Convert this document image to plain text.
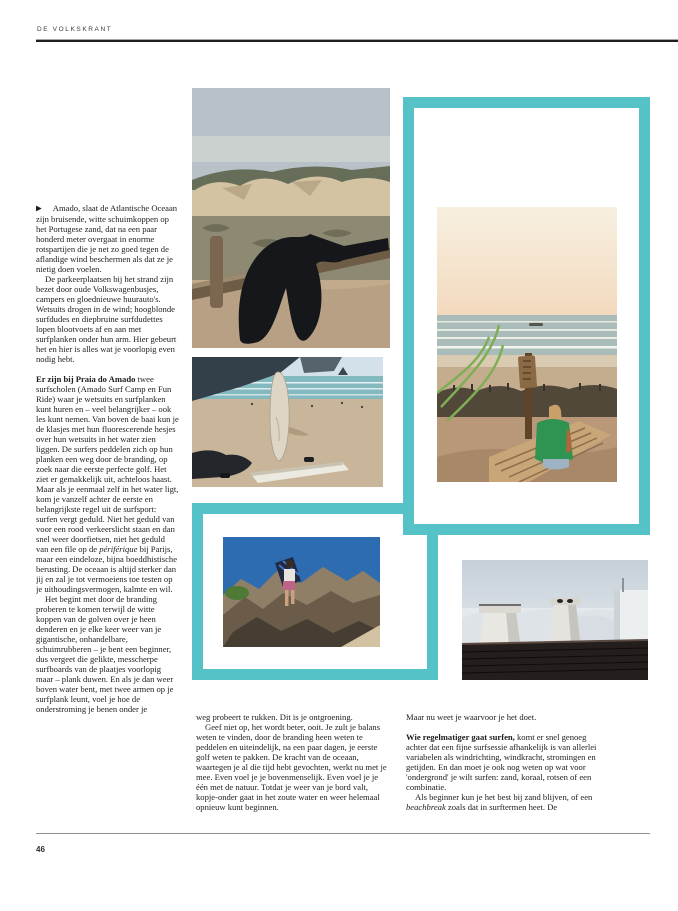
DE VOLKSKRANT

▶ Amado, slaat de Atlantische Oceaan zijn bruisende, witte schuimkoppen op het Portugese zand, dat na een paar honderd meter overgaat in enorme rotspartijen die je net zo goed tegen de aflandige wind beschermen als dat ze je nietig doen voelen.

De parkeerplaatsen bij het strand zijn bezet door oude Volkswagenbusjes, campers en gloednieuwe huurauto's. Wetsuits drogen in de wind; hoogblonde surfdudes en diepbruine surfdudettes lopen blootvoets af en aan met surfplanken onder hun arm. Hier gebeurt het en hier is alles wat je voorlopig even nodig hebt.

Er zijn bij Praia do Amado twee surfscholen (Amado Surf Camp en Fun Ride) waar je wetsuits en surfplanken kunt huren en – veel belangrijker – ook les kunt nemen. Van boven de baai kun je de klasjes met hun fluorescerende hesjes over hun wetsuits in het water zien liggen. De surfers peddelen zich op hun planken een weg door de branding, op zoek naar die eerste perfecte golf. Het ziet er gemakkelijk uit, achteloos haast. Maar als je eenmaal zelf in het water ligt, kom je vanzelf achter de eerste en belangrijkste regel uit de surfsport: surfen vergt geduld. Niet het geduld van voor een rood verkeerslicht staan en dan snel weer doorfietsen, niet het geduld van een file op de périférique bij Parijs, maar een eindeloze, bijna boeddhistische berusting. De oceaan is altijd sterker dan jij en zal je tot vermoeiens toe testen op je uithoudingsvermogen, kalmte en wil.

Het begint met door de branding proberen te komen terwijl de witte koppen van de golven over je heen denderen en je elke keer weer van je gigantische, onhandelbare, schuimrubberen – je bent een beginner, dus vergeet die gelikte, messcherpe surfboards van de plaatjes voorlopig maar – plank duwen. En als je dan weer boven water bent, met twee armen op je surfplank leunt, voel je hoe de onderstroming je benen onder je

weg probeert te rukken. Dit is je ontgroening.

Geef niet op, het wordt beter, ooit. Je zult je balans weten te vinden, door de branding heen weten te peddelen en uiteindelijk, na een paar dagen, je eerste golf weten te pakken. De kracht van de oceaan, waartegen je al die tijd hebt gevochten, werkt nu met je mee. Even voel je je bovenmenselijk. Even voel je je één met de natuur. Totdat je weer van je bord valt, kopje-onder gaat in het zoute water en weer helemaal opnieuw kunt beginnen.

Maar nu weet je waarvoor je het doet.

Wie regelmatiger gaat surfen, komt er snel genoeg achter dat een fijne surfsessie afhankelijk is van allerlei variabelen als windrichting, windkracht, stromingen en getijden. En dan moet je ook nog weten op wat voor 'ondergrond' je wilt surfen: zand, koraal, rotsen of een combinatie.

Als beginner kun je het best bij zand blijven, of een beachbreak zoals dat in surftermen heet. De

46
